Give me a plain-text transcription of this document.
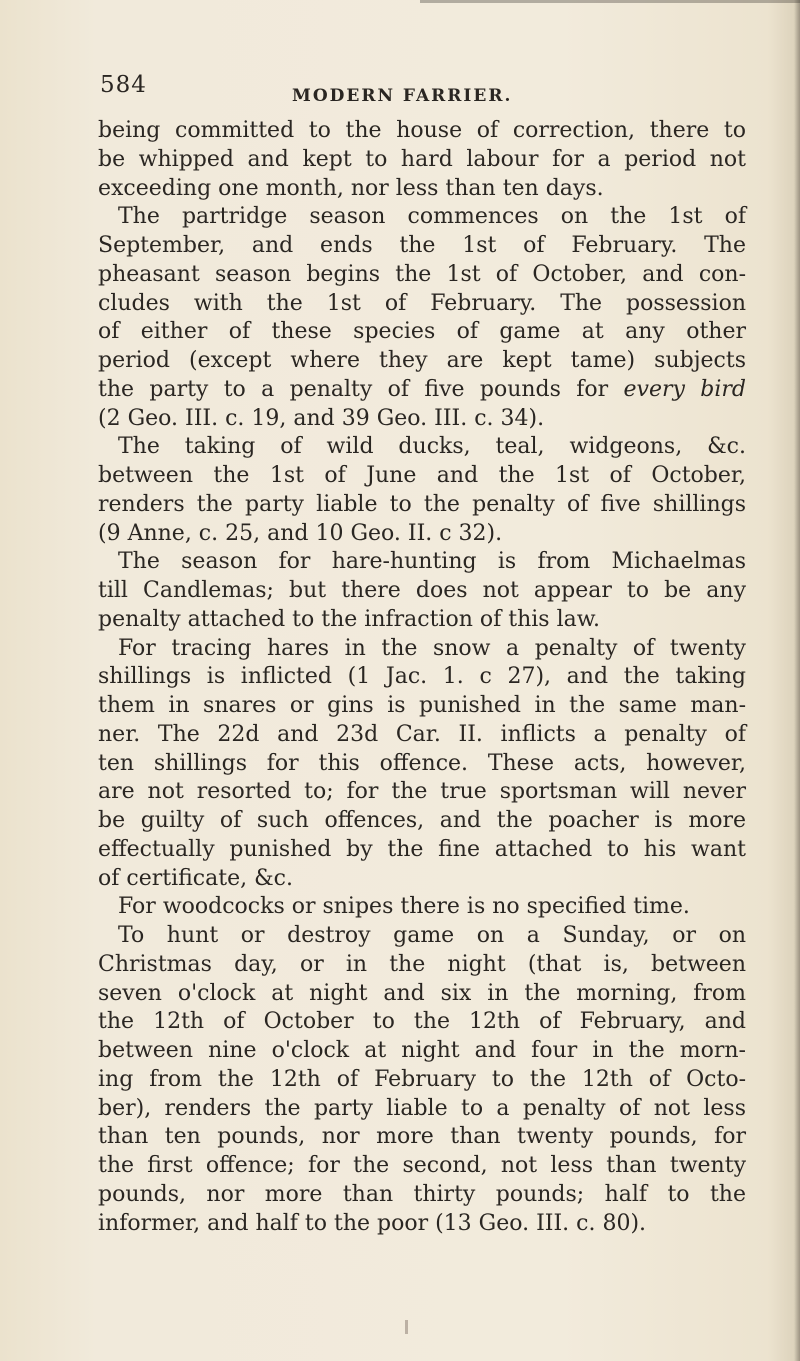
584	MODERN FARRIER.
being committed to the house of correction, there to
be whipped and kept to hard labour for a period not
exceeding one month, nor less than ten days.
The partridge season commences on the 1st of
September, and ends the 1st of February. The
pheasant season begins the 1st of October, and con-
cludes with the 1st of February. The possession
of either of these species of game at any other
period (except where they are kept tame) subjects
the party to a penalty of five pounds for every bird
(2 Geo. III. c. 19, and 39 Geo. III. c. 34).
The taking of wild ducks, teal, widgeons, &c.
between the 1st of June and the 1st of October,
renders the party liable to the penalty of five shillings
(9 Anne, c. 25, and 10 Geo. II. c 32).
The season for hare-hunting is from Michaelmas
till Candlemas; but there does not appear to be any
penalty attached to the infraction of this law.
For tracing hares in the snow a penalty of twenty
shillings is inflicted (1 Jac. 1. c 27), and the taking
them in snares or gins is punished in the same man-
ner. The 22d and 23d Car. II. inflicts a penalty of
ten shillings for this offence. These acts, however,
are not resorted to; for the true sportsman will never
be guilty of such offences, and the poacher is more
effectually punished by the fine attached to his want
of certificate, &c.
For woodcocks or snipes there is no specified time.
To hunt or destroy game on a Sunday, or on
Christmas day, or in the night (that is, between
seven o'clock at night and six in the morning, from
the 12th of October to the 12th of February, and
between nine o'clock at night and four in the morn-
ing from the 12th of February to the 12th of Octo-
ber), renders the party liable to a penalty of not less
than ten pounds, nor more than twenty pounds, for
the first offence; for the second, not less than twenty
pounds, nor more than thirty pounds; half to the
informer, and half to the poor (13 Geo. III. c. 80).
